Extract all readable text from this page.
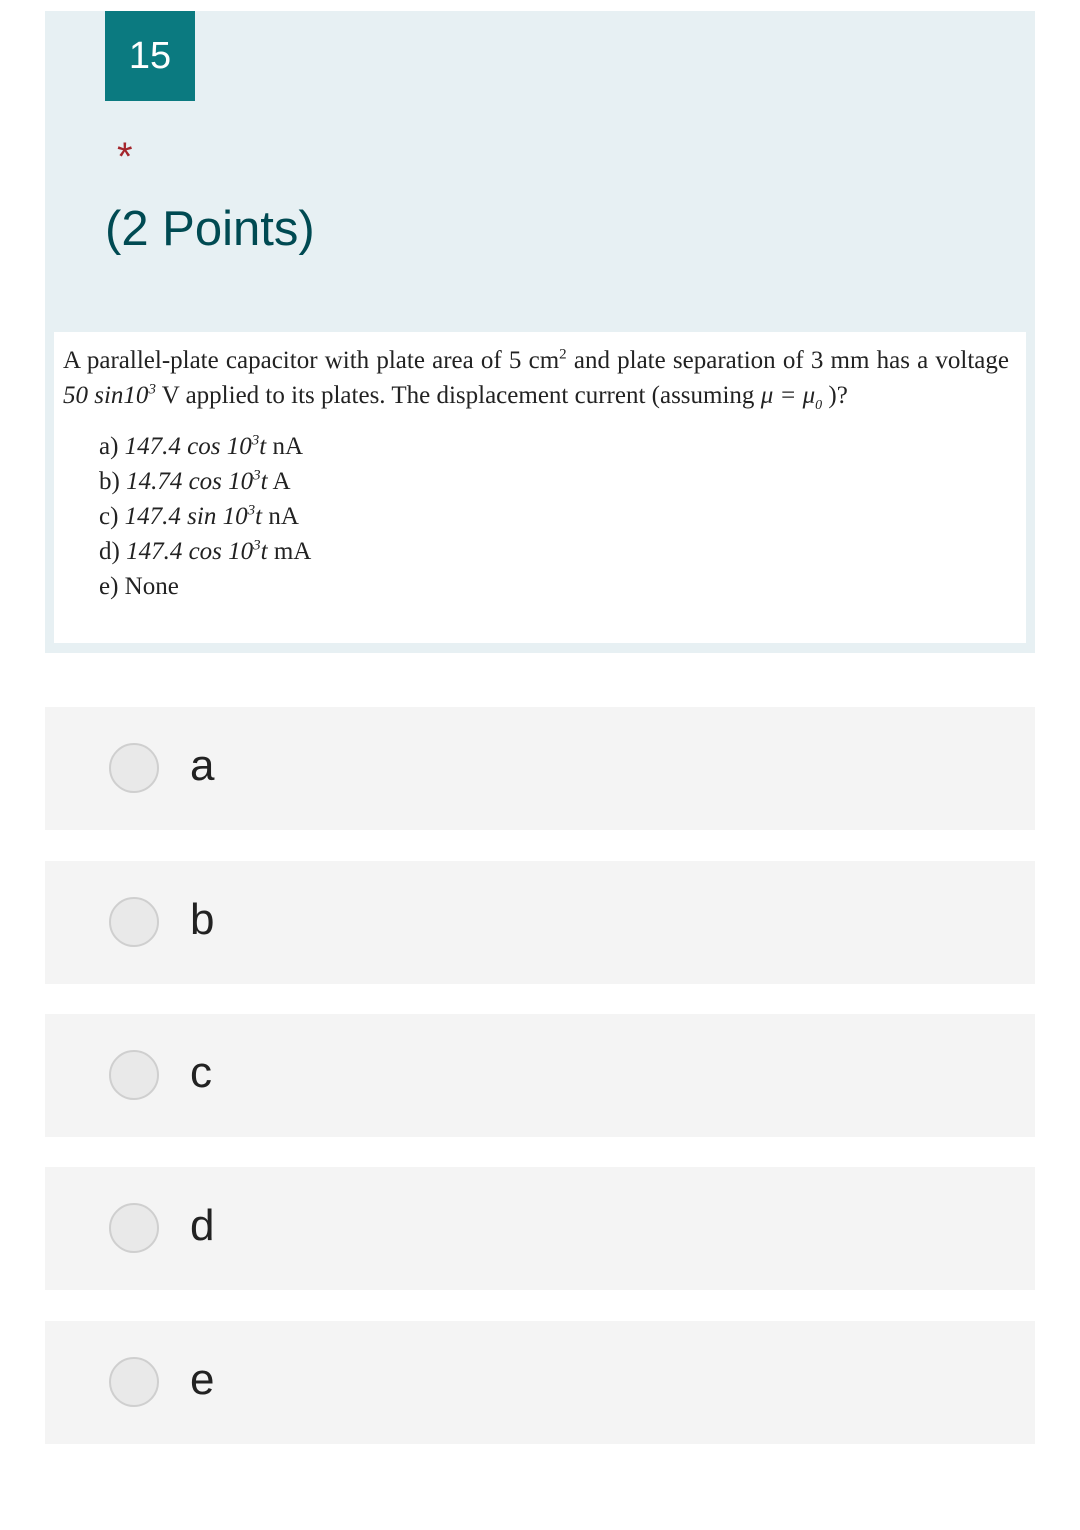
15
*
(2 Points)

A parallel-plate capacitor with plate area of 5 $cm^2$ and plate separation of 3 mm has a voltage 50 $\sin 10^3$ V applied to its plates. The displacement current (assuming $\mu = \mu_0$ )?

a) 147.4 $\cos 10^3t$ nA
b) 14.74 $\cos 10^3t$ A
c) 147.4 $\sin 10^3t$ nA
d) 147.4 $\cos 10^3t$ mA
e) None
a
b
c
d
e
